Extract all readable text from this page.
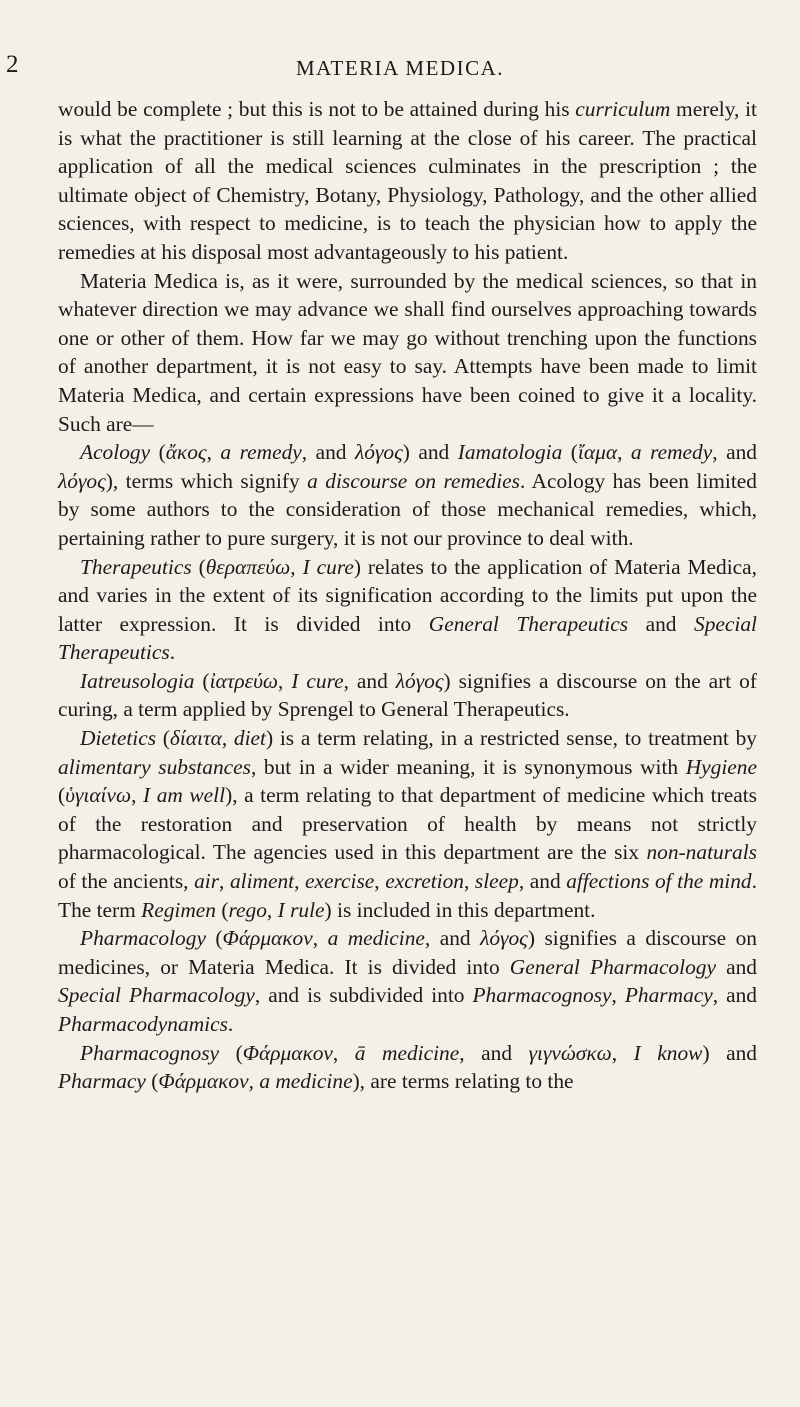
2	MATERIA MEDICA.

would be complete ; but this is not to be attained during his curriculum merely, it is what the practitioner is still learning at the close of his career. The practical application of all the medical sciences culminates in the prescription ; the ultimate object of Chemistry, Botany, Physiology, Pathology, and the other allied sciences, with respect to medicine, is to teach the physician how to apply the remedies at his disposal most advantageously to his patient.

Materia Medica is, as it were, surrounded by the medical sciences, so that in whatever direction we may advance we shall find ourselves approaching towards one or other of them. How far we may go without trenching upon the functions of another department, it is not easy to say. Attempts have been made to limit Materia Medica, and certain expressions have been coined to give it a locality. Such are—

Acology (ἄκος, a remedy, and λόγος) and Iamatologia (ἴαμα, a remedy, and λόγος), terms which signify a discourse on remedies. Acology has been limited by some authors to the consideration of those mechanical remedies, which, pertaining rather to pure surgery, it is not our province to deal with.

Therapeutics (θεραπεύω, I cure) relates to the application of Materia Medica, and varies in the extent of its signification according to the limits put upon the latter expression. It is divided into General Therapeutics and Special Therapeutics.

Iatreusologia (ἰατρεύω, I cure, and λόγος) signifies a discourse on the art of curing, a term applied by Sprengel to General Therapeutics.

Dietetics (δίαιτα, diet) is a term relating, in a restricted sense, to treatment by alimentary substances, but in a wider meaning, it is synonymous with Hygiene (ὑγιαίνω, I am well), a term relating to that department of medicine which treats of the restoration and preservation of health by means not strictly pharmacological. The agencies used in this department are the six non-naturals of the ancients, air, aliment, exercise, excretion, sleep, and affections of the mind. The term Regimen (rego, I rule) is included in this department.

Pharmacology (Φάρμακον, a medicine, and λόγος) signifies a discourse on medicines, or Materia Medica. It is divided into General Pharmacology and Special Pharmacology, and is subdivided into Pharmacognosy, Pharmacy, and Pharmacodynamics.

Pharmacognosy (Φάρμακον, ā medicine, and γιγνώσκω, I know) and Pharmacy (Φάρμακον, a medicine), are terms relating to the
